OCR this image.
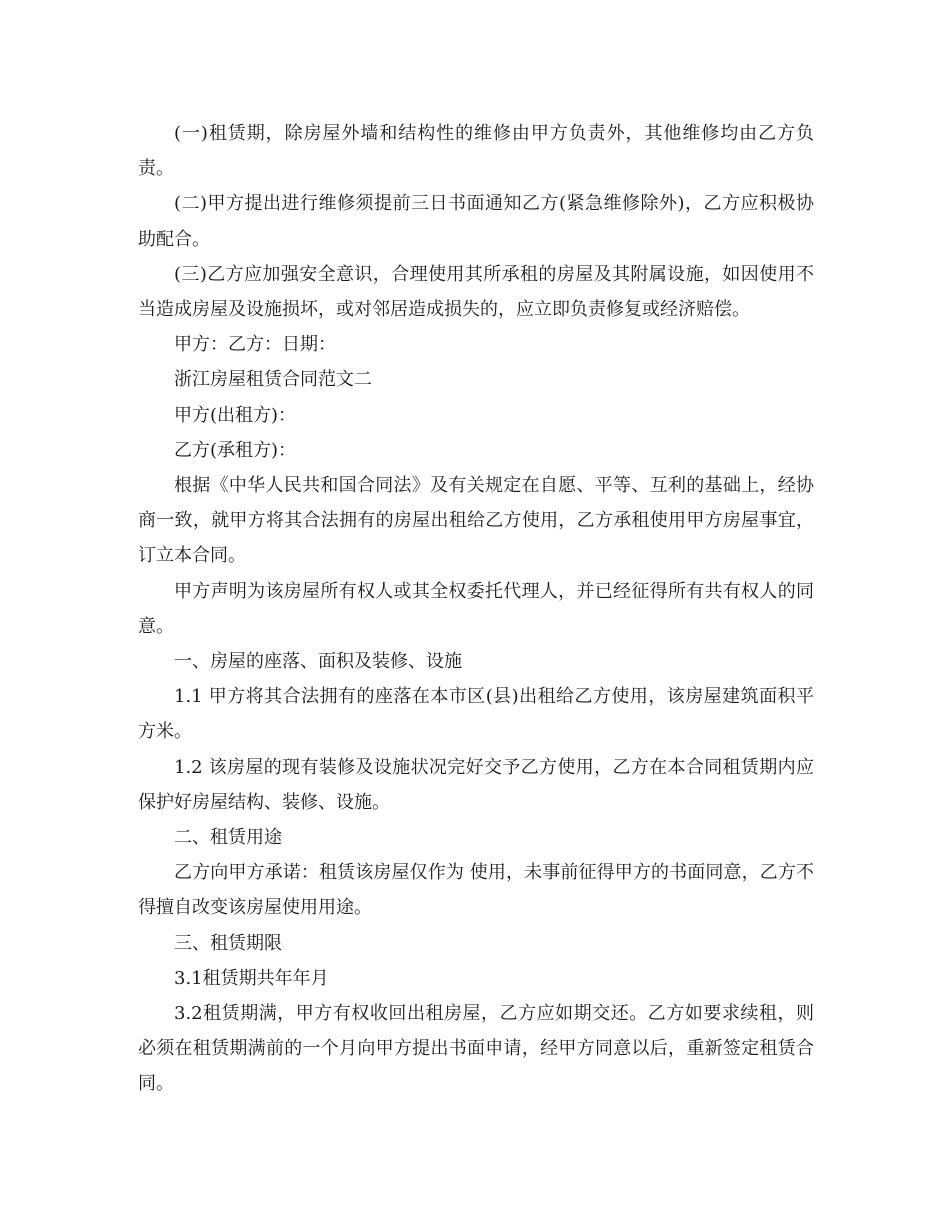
(一)租赁期，除房屋外墙和结构性的维修由甲方负责外，其他维修均由乙方负责。

(二)甲方提出进行维修须提前三日书面通知乙方(紧急维修除外)，乙方应积极协助配合。

(三)乙方应加强安全意识，合理使用其所承租的房屋及其附属设施，如因使用不当造成房屋及设施损坏，或对邻居造成损失的，应立即负责修复或经济赔偿。

甲方：乙方：日期：

浙江房屋租赁合同范文二

甲方(出租方)：

乙方(承租方)：

根据《中华人民共和国合同法》及有关规定在自愿、平等、互利的基础上，经协商一致，就甲方将其合法拥有的房屋出租给乙方使用，乙方承租使用甲方房屋事宜，订立本合同。

甲方声明为该房屋所有权人或其全权委托代理人，并已经征得所有共有权人的同意。

一、房屋的座落、面积及装修、设施

1.1 甲方将其合法拥有的座落在本市区(县)出租给乙方使用，该房屋建筑面积平方米。

1.2 该房屋的现有装修及设施状况完好交予乙方使用，乙方在本合同租赁期内应保护好房屋结构、装修、设施。

二、租赁用途

乙方向甲方承诺：租赁该房屋仅作为 使用，未事前征得甲方的书面同意，乙方不得擅自改变该房屋使用用途。

三、租赁期限

3.1租赁期共年年月

3.2租赁期满，甲方有权收回出租房屋，乙方应如期交还。乙方如要求续租，则必须在租赁期满前的一个月向甲方提出书面申请，经甲方同意以后，重新签定租赁合同。
